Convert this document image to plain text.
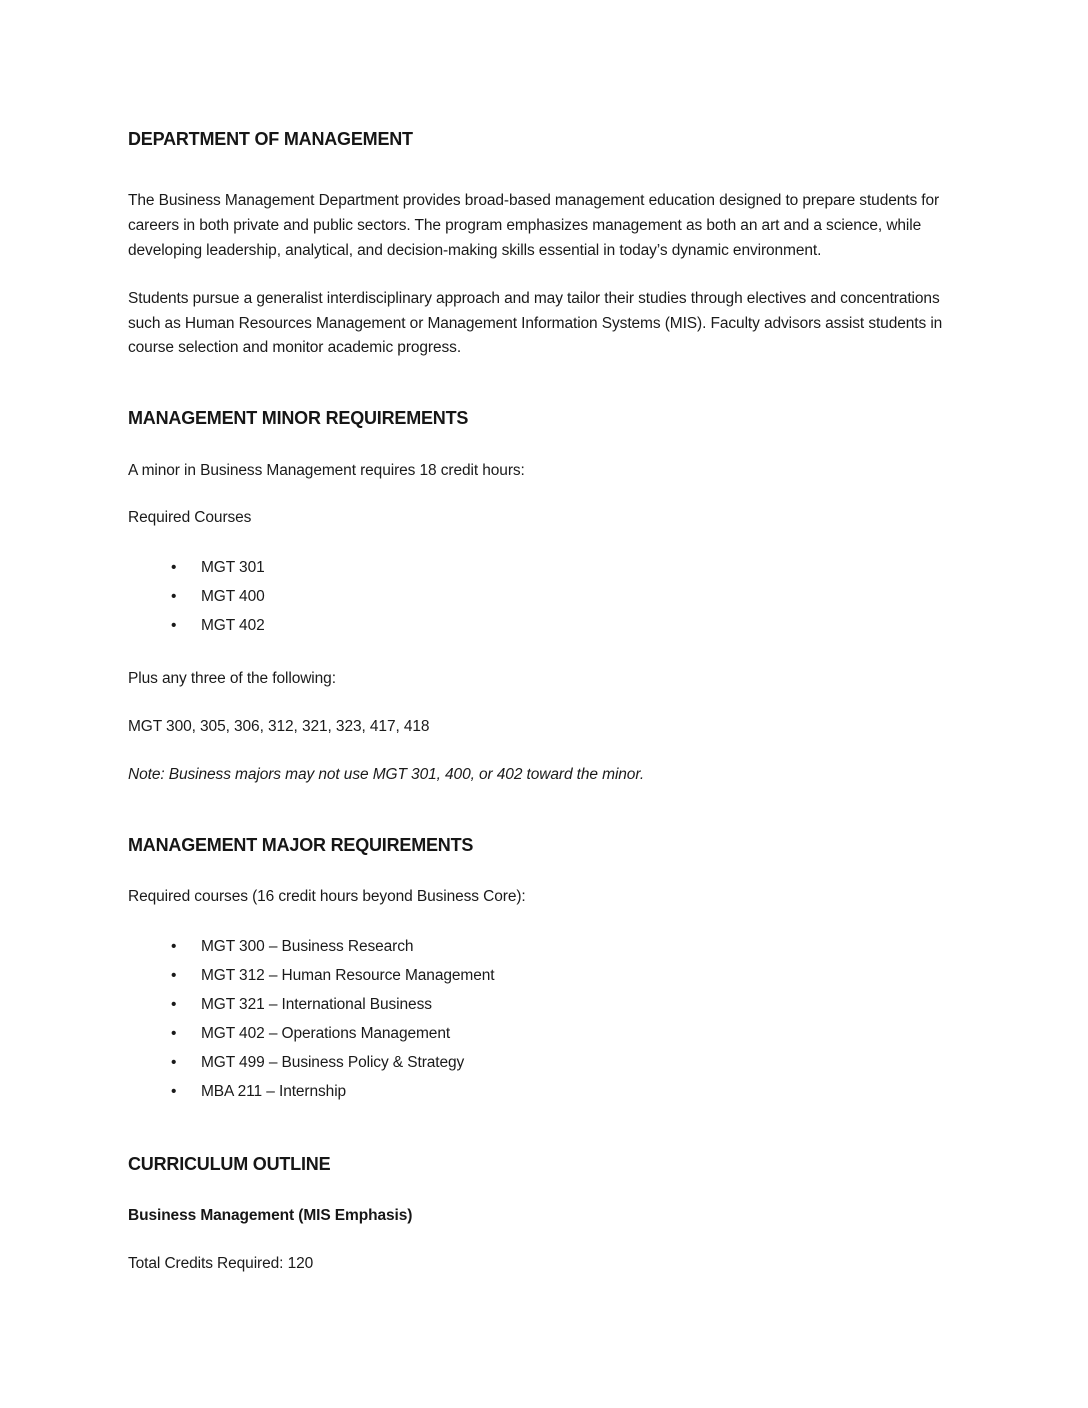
DEPARTMENT OF MANAGEMENT

The Business Management Department provides broad-based management education designed to prepare students for careers in both private and public sectors. The program emphasizes management as both an art and a science, while developing leadership, analytical, and decision-making skills essential in today’s dynamic environment.

Students pursue a generalist interdisciplinary approach and may tailor their studies through electives and concentrations such as Human Resources Management or Management Information Systems (MIS). Faculty advisors assist students in course selection and monitor academic progress.

MANAGEMENT MINOR REQUIREMENTS

A minor in Business Management requires 18 credit hours:

Required Courses

• MGT 301
• MGT 400
• MGT 402

Plus any three of the following:

MGT 300, 305, 306, 312, 321, 323, 417, 418

Note: Business majors may not use MGT 301, 400, or 402 toward the minor.

MANAGEMENT MAJOR REQUIREMENTS

Required courses (16 credit hours beyond Business Core):

• MGT 300 – Business Research
• MGT 312 – Human Resource Management
• MGT 321 – International Business
• MGT 402 – Operations Management
• MGT 499 – Business Policy & Strategy
• MBA 211 – Internship
CURRICULUM OUTLINE

Business Management (MIS Emphasis)

Total Credits Required: 120
